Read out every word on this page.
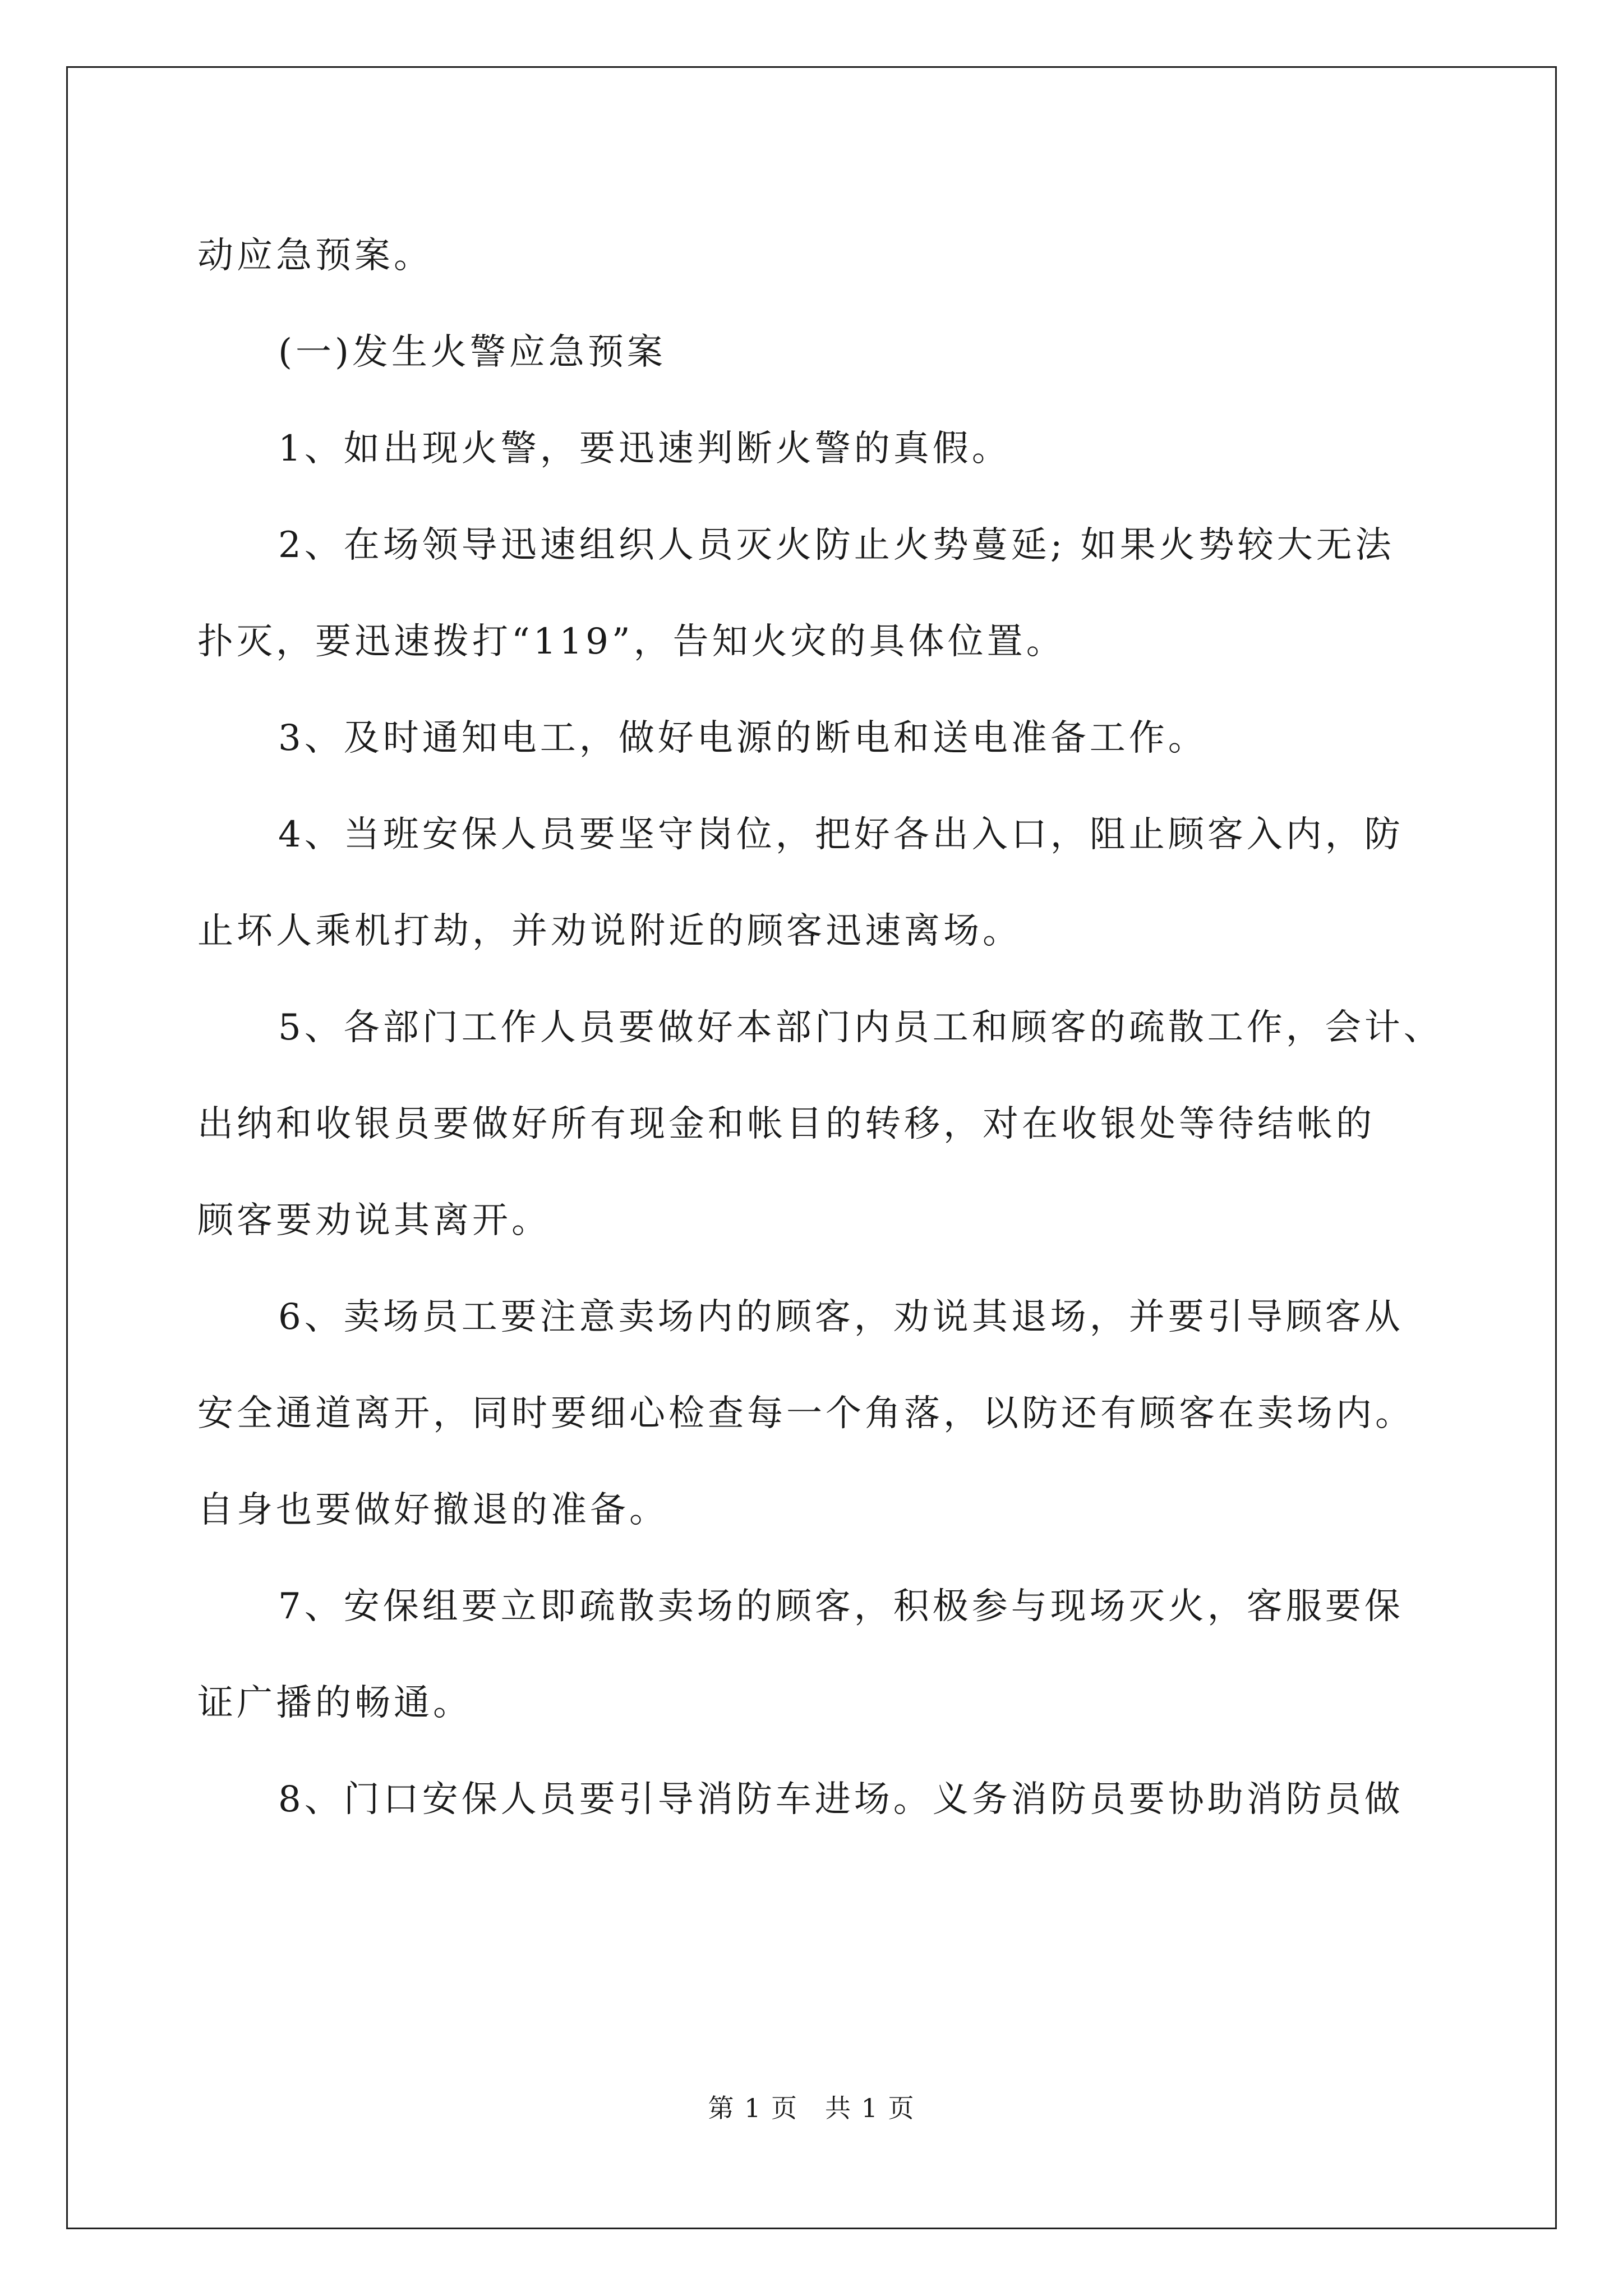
动应急预案。
(一)发生火警应急预案
1、如出现火警，要迅速判断火警的真假。
2、在场领导迅速组织人员灭火防止火势蔓延; 如果火势较大无法
扑灭，要迅速拨打“119”，告知火灾的具体位置。
3、及时通知电工，做好电源的断电和送电准备工作。
4、当班安保人员要坚守岗位，把好各出入口，阻止顾客入内，防
止坏人乘机打劫，并劝说附近的顾客迅速离场。
5、各部门工作人员要做好本部门内员工和顾客的疏散工作，会计、
出纳和收银员要做好所有现金和帐目的转移，对在收银处等待结帐的
顾客要劝说其离开。
6、卖场员工要注意卖场内的顾客，劝说其退场，并要引导顾客从
安全通道离开，同时要细心检查每一个角落，以防还有顾客在卖场内。
自身也要做好撤退的准备。
7、安保组要立即疏散卖场的顾客，积极参与现场灭火，客服要保
证广播的畅通。
8、门口安保人员要引导消防车进场。义务消防员要协助消防员做
第 1 页　共 1 页
